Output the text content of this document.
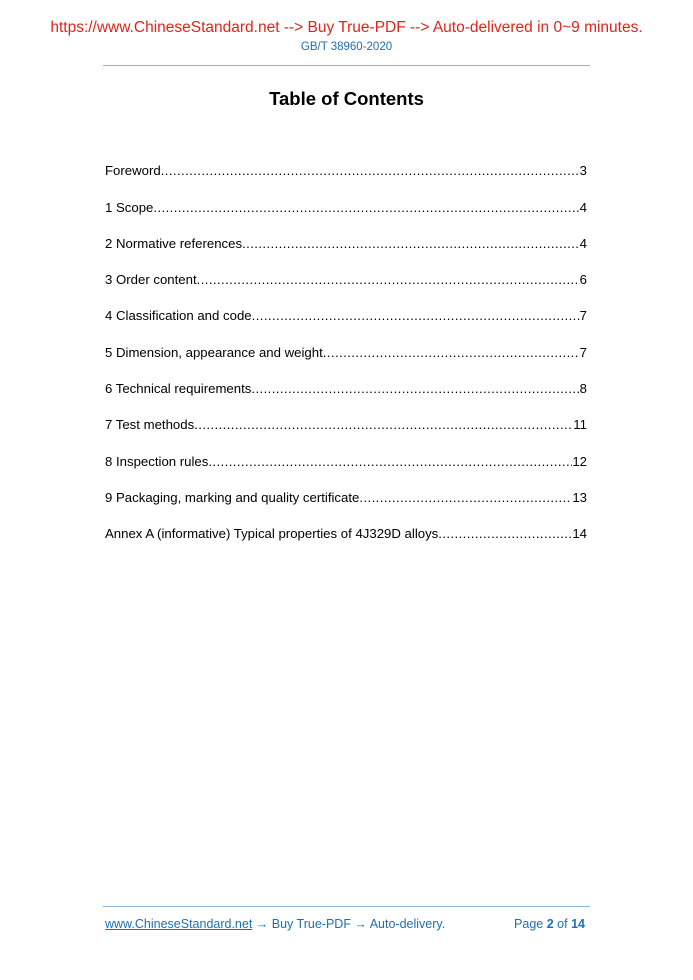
https://www.ChineseStandard.net --> Buy True-PDF --> Auto-delivered in 0~9 minutes.
GB/T 38960-2020
Table of Contents
Foreword .....	3
1 Scope .....	4
2 Normative references .....	4
3 Order content .....	6
4 Classification and code .....	7
5 Dimension, appearance and weight .....	7
6 Technical requirements .....	8
7 Test methods .....	11
8 Inspection rules .....	12
9 Packaging, marking and quality certificate .....	13
Annex A (informative) Typical properties of 4J329D alloys .....	14
www.ChineseStandard.net → Buy True-PDF → Auto-delivery.	Page 2 of 14
